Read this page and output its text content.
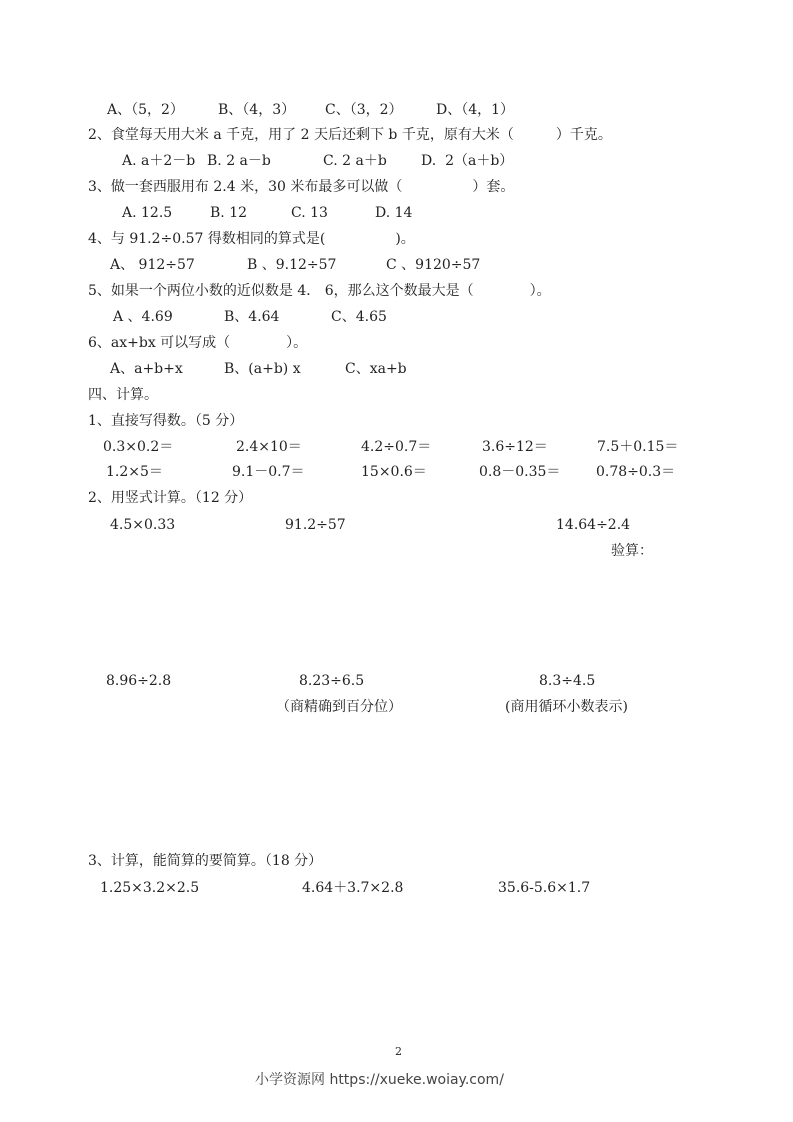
A、（5，2） B、（4，3） C、（3，2） D、（4，1）
2、食堂每天用大米 a 千克，用了 2 天后还剩下 b 千克，原有大米（　　　）千克。
A. a＋2－b B. 2 a－b	C. 2 a＋b D.  2（a＋b）
3、做一套西服用布 2.4 米，30 米布最多可以做（　　　　　）套。
A. 12.5	B. 12	C. 13	D. 14
4、与 91.2÷0.57 得数相同的算式是(　　　　　)。
A、 912÷57	B 、9.12÷57	C 、9120÷57
5、如果一个两位小数的近似数是 4． 6，那么这个数最大是（　　　　）。
A 、4.69	B、4.64	C、4.65
6、ax+bx 可以写成（　　　　）。
A、a+b+x	B、(a+b) x	C、xa+b
四、计算。
1、直接写得数。（5 分）
0.3×0.2＝	2.4×10＝	4.2÷0.7＝	3.6÷12＝	7.5＋0.15＝
1.2×5＝	9.1－0.7＝	15×0.6＝	0.8－0.35＝	0.78÷0.3＝
2、用竖式计算。（12 分）
4.5×0.33	91.2÷57	14.64÷2.4
验算：
8.96÷2.8	8.23÷6.5	8.3÷4.5
（商精确到百分位）	(商用循环小数表示)
3、计算，能简算的要简算。（18 分）
1.25×3.2×2.5	4.64＋3.7×2.8	35.6-5.6×1.7
2
小学资源网 https://xueke.woiay.com/
